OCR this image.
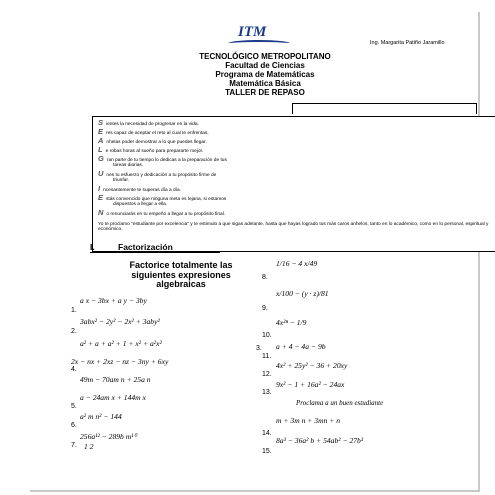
ITM
Ing. Margarita Patiño Jaramillo
TECNOLÓGICO METROPOLITANO
Facultad de Ciencias
Programa de Matemáticas
Matemática Básica
TALLER DE REPASO
Sientes la necesidad de progresar en la vida.
Eres capaz de aceptar el reto al cual te enfrentas.
Anhelas poder demostrar a lo que puedes llegar.
Le robas horas al sueño para prepararte mejor.
Gran parte de tu tiempo lo dedicas a la preparación de tus
tareas diarias.
Unes tu esfuerzo y dedicación a tu propósito firme de
triunfar.
Incesantemente te superas día a día.
Estás convencido que ninguna meta es lejana, si estamos
dispuestos a llegar a ella.
No renunciarás en tu empeño a llegar a tu propósito final.
Yo te proclamo "estudiante por excelencia" y te estimulo a que sigas adelante, hasta que hayas logrado tus más caros anhelos, tanto en lo académico, como en lo personal, espiritual y económico.
I.	Factorización
Factorice totalmente las
siguientes expresiones
algebraicas
a x − 3bx + a y − 3by
1.
3abx² − 2y² − 2x² + 3aby²
2.
a² + a + a² + 1 + x² + a²x²
3.
2x − nx + 2xz − nz − 3ny + 6xy
4.
49m − 70am n + 25a n
a − 24am x + 144m x
5.
a² m n² − 144
6.
256a¹² − 289b m¹⁰
7. 1 2
8.
1/16 − 4 x/49
9.
x/100 − (y · z)/81
10.
4x²ⁿ − 1/9
11.
a + 4 − 4a − 9b
12.
4x² + 25y² − 36 + 20xy
13.
9x² − 1 + 16a² − 24ax
Proclama a un buen estudiante
14.
m + 3m n + 3mn + n
15.
8a³ − 36a² b + 54ab² − 27b³
